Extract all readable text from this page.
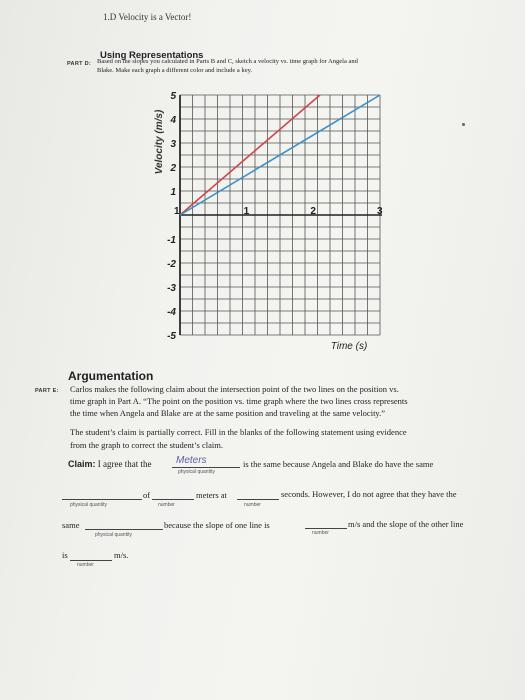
1.D Velocity is a Vector!
Using Representations
PART D: Based on the slopes you calculated in Parts B and C, sketch a velocity vs. time graph for Angela and
Blake. Make each graph a different color and include a key.
5
4
3
2
1
-1
-2
-3
-4
-5
1	2	3
1
Velocity (m/s)
Time (s)
Argumentation
PART E: Carlos makes the following claim about the intersection point of the two lines on the position vs.
time graph in Part A. “The point on the position vs. time graph where the two lines cross represents
the time when Angela and Blake are at the same position and traveling at the same velocity.”
The student’s claim is partially correct. Fill in the blanks of the following statement using evidence
from the graph to correct the student’s claim.
Claim: I agree that the Meters
physical quantity
is the same because Angela and Blake do have the same
physical quantity
of
number
meters at
number
seconds. However, I do not agree that they have the
same
physical quantity
because the slope of one line is
number
m/s and the slope of the other line
is
number
m/s.
